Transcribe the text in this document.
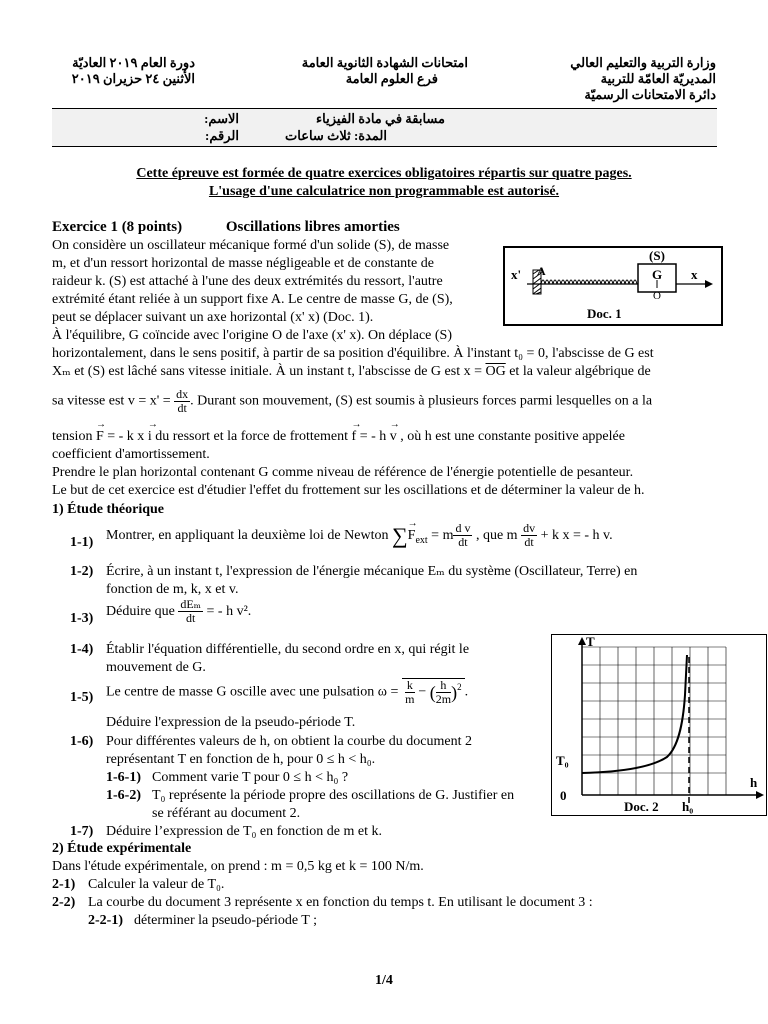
وزارة التربية والتعليم العالي
المديريّة العامّة للتربية
دائرة الامتحانات الرسميّة
امتحانات الشهادة الثانوية العامة
فرع العلوم العامة
دورة العام ٢٠١٩ العاديّة
الأثنين ٢٤ حزيران ٢٠١٩
مسابقة في مادة الفيزياء
المدة: ثلاث ساعات
الاسم:
الرقم:
Cette épreuve est formée de quatre exercices obligatoires répartis sur quatre pages.
L'usage d'une calculatrice non programmable est autorisé.
Exercice 1 (8 points)	Oscillations libres amorties
On considère un oscillateur mécanique formé d'un solide (S), de masse
m, et d'un ressort horizontal de masse négligeable et de constante de
raideur k. (S) est attaché à l'une des deux extrémités du ressort, l'autre
extrémité étant reliée à un support fixe A. Le centre de masse G, de (S),
peut se déplacer suivant un axe horizontal (x' x) (Doc. 1).
À l'équilibre, G coïncide avec l'origine O de l'axe (x' x). On déplace (S)
horizontalement, dans le sens positif, à partir de sa position d'équilibre. À l'instant t₀ = 0, l'abscisse de G est
Xₘ et (S) est lâché sans vitesse initiale. À un instant t, l'abscisse de G est $x = \overline{OG}$ et la valeur algébrique de
sa vitesse est $v = x' = \frac{dx}{dt}$ . Durant son mouvement, (S) est soumis à plusieurs forces parmi lesquelles on a la
tension → F = - k x → i du ressort et la force de frottement → f = - h → v , où h est une constante positive appelée
coefficient d'amortissement.
Prendre le plan horizontal contenant G comme niveau de référence de l'énergie potentielle de pesanteur.
Le but de cet exercice est d'étudier l'effet du frottement sur les oscillations et de déterminer la valeur de h.
(S)
G
O
x
x' A
Doc. 1
1) Étude théorique
1-1) Montrer, en appliquant la deuxième loi de Newton ∑→ $F_{ext} = m \frac{\text{d v}}{dt}$ , que m $\frac{dv}{dt} + k$ x = - h v.
1-2) Écrire, à un instant t, l'expression de l'énergie mécanique Eₘ du système (Oscillateur, Terre) en
fonction de m, k, x et v.
1-3) Déduire que $\frac{\text{dEₘ}}{dt}$ = - h v².
1-4) Établir l'équation différentielle, du second ordre en x, qui régit le
mouvement de G.
1-5) Le centre de masse G oscille avec une pulsation $\omega = \frac{k}{m}$ − ( $\frac{h}{2m} )^2$ .
Déduire l'expression de la pseudo-période T.
1-6) Pour différentes valeurs de h, on obtient la courbe du document 2
représentant T en fonction de h, pour 0 ≤ h < h₀.
1-6-1) Comment varie T pour 0 ≤ h < h₀ ?
1-6-2) T₀ représente la période propre des oscillations de G. Justifier en
se référant au document 2.
1-7) Déduire l’expression de T₀ en fonction de m et k.
T
T₀
0
h
h₀
Doc. 2
2) Étude expérimentale
Dans l'étude expérimentale, on prend : m = 0,5 kg et k = 100 N/m.
2-1) Calculer la valeur de T₀.
2-2) La courbe du document 3 représente x en fonction du temps t. En utilisant le document 3 :
2-2-1) déterminer la pseudo-période T ;
1/4
